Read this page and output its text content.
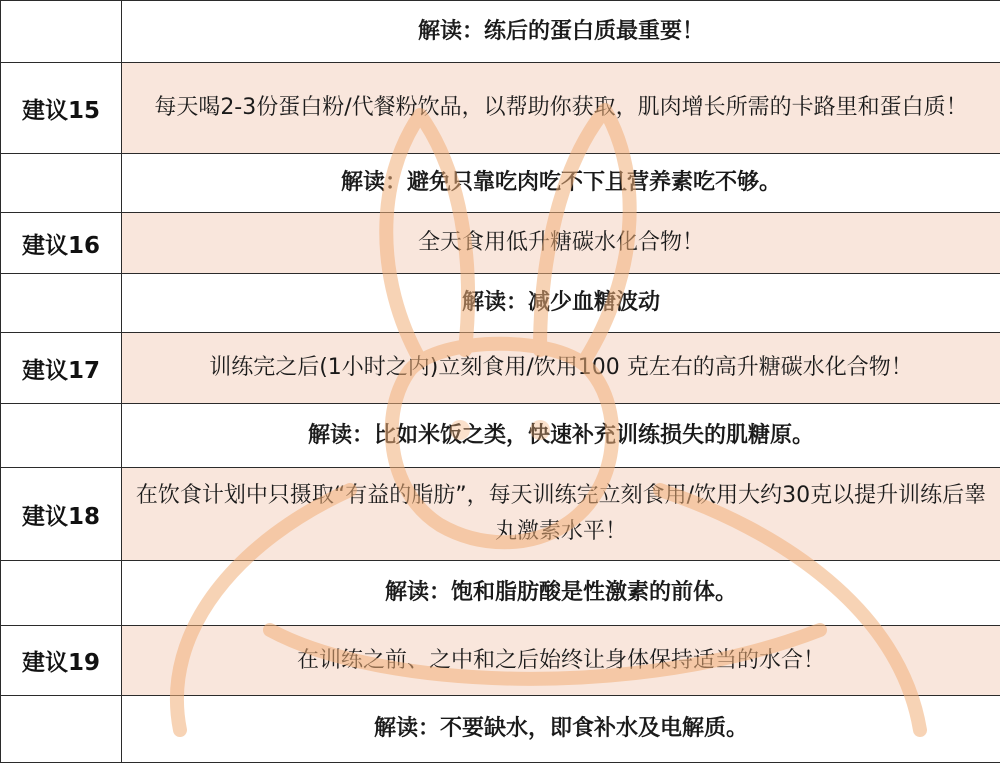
	解读：练后的蛋白质最重要！
建议15	每天喝2-3份蛋白粉/代餐粉饮品，以帮助你获取，肌肉增长所需的卡路里和蛋白质！
	解读：避免只靠吃肉吃不下且营养素吃不够。
建议16	全天食用低升糖碳水化合物！
	解读：减少血糖波动
建议17	训练完之后(1小时之内)立刻食用/饮用100 克左右的高升糖碳水化合物！
	解读：比如米饭之类，快速补充训练损失的肌糖原。
建议18	在饮食计划中只摄取“有益的脂肪”，每天训练完立刻食用/饮用大约30克以提升训练后睾丸激素水平！
	解读：饱和脂肪酸是性激素的前体。
建议19	在训练之前、之中和之后始终让身体保持适当的水合！
	解读：不要缺水，即食补水及电解质。
